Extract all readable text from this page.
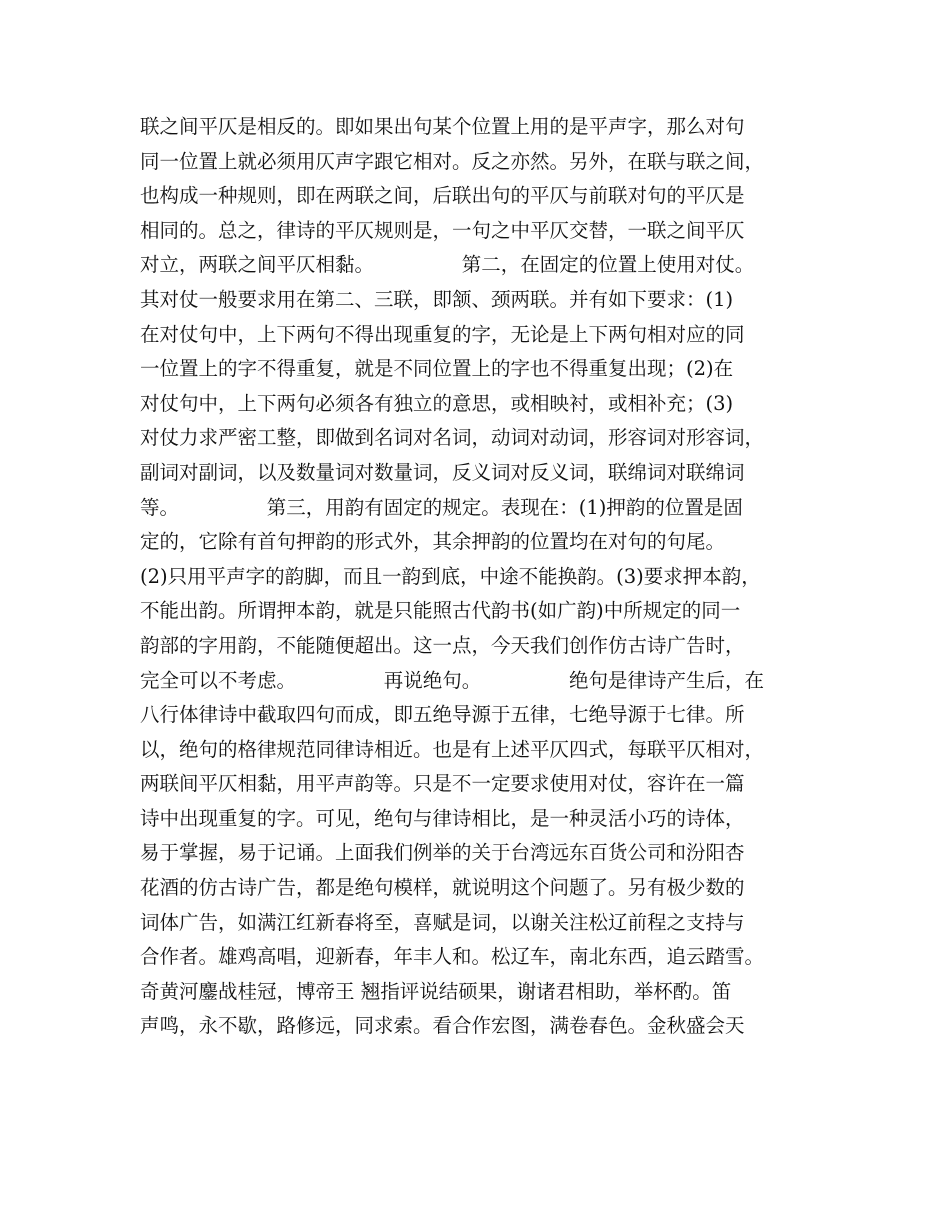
联之间平仄是相反的。即如果出句某个位置上用的是平声字，那么对句
同一位置上就必须用仄声字跟它相对。反之亦然。另外，在联与联之间，
也构成一种规则，即在两联之间，后联出句的平仄与前联对句的平仄是
相同的。总之，律诗的平仄规则是，一句之中平仄交替，一联之间平仄
对立，两联之间平仄相黏。　　　　　第二，在固定的位置上使用对仗。
其对仗一般要求用在第二、三联，即颔、颈两联。并有如下要求：(1)
在对仗句中，上下两句不得出现重复的字，无论是上下两句相对应的同
一位置上的字不得重复，就是不同位置上的字也不得重复出现；(2)在
对仗句中，上下两句必须各有独立的意思，或相映衬，或相补充；(3)
对仗力求严密工整，即做到名词对名词，动词对动词，形容词对形容词，
副词对副词，以及数量词对数量词，反义词对反义词，联绵词对联绵词
等。　　　　　第三，用韵有固定的规定。表现在：(1)押韵的位置是固
定的，它除有首句押韵的形式外，其余押韵的位置均在对句的句尾。
(2)只用平声字的韵脚，而且一韵到底，中途不能换韵。(3)要求押本韵，
不能出韵。所谓押本韵，就是只能照古代韵书(如广韵)中所规定的同一
韵部的字用韵，不能随便超出。这一点，今天我们创作仿古诗广告时，
完全可以不考虑。　　　　　再说绝句。　　　　　绝句是律诗产生后，在
八行体律诗中截取四句而成，即五绝导源于五律，七绝导源于七律。所
以，绝句的格律规范同律诗相近。也是有上述平仄四式，每联平仄相对，
两联间平仄相黏，用平声韵等。只是不一定要求使用对仗，容许在一篇
诗中出现重复的字。可见，绝句与律诗相比，是一种灵活小巧的诗体，
易于掌握，易于记诵。上面我们例举的关于台湾远东百货公司和汾阳杏
花酒的仿古诗广告，都是绝句模样，就说明这个问题了。另有极少数的
词体广告，如满江红新春将至，喜赋是词，以谢关注松辽前程之支持与
合作者。雄鸡高唱，迎新春，年丰人和。松辽车，南北东西，追云踏雪。
奇黄河鏖战桂冠，博帝王 翘指评说结硕果，谢诸君相助，举杯酌。笛
声鸣，永不歇，路修远，同求索。看合作宏图，满卷春色。金秋盛会天
